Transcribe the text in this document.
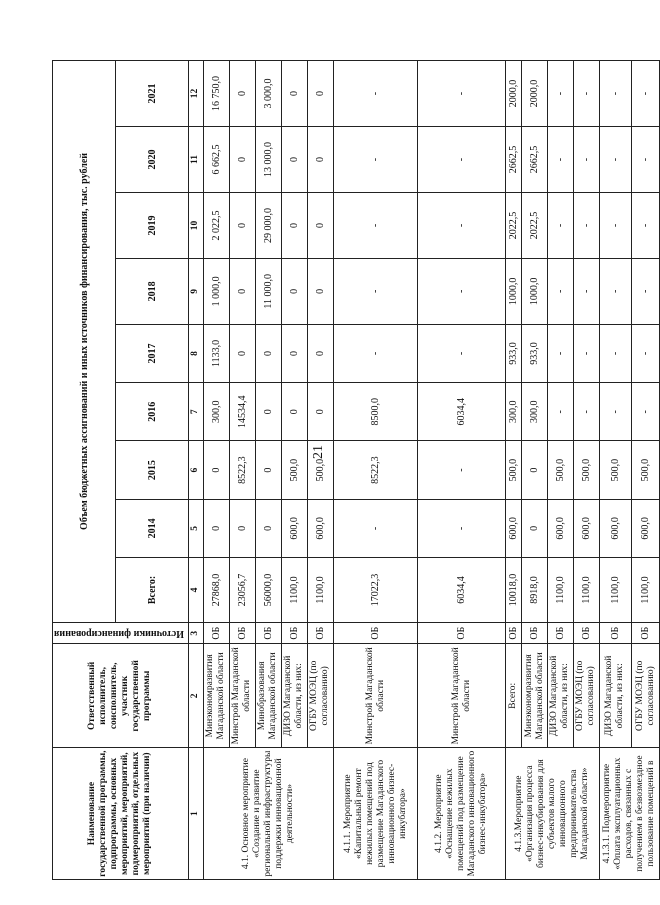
21
Наименование государственной программы, подпрограммы, основных мероприятий, мероприятий, подмероприятий, отдельных мероприятий (при наличии)	Ответственный исполнитель, соисполнитель, участник государственной программы	Источники финансирования	Объем бюджетных ассигнований и иных источников финансирования, тыс. рублей								
			Всего:	2014	2015	2016	2017	2018	2019	2020	2021
1	2	3	4	5	6	7	8	9	10	11	12
4.1. Основное мероприятие «Создание и развитие региональной инфраструктуры поддержки инновационной деятельности»	Минэкономразвития Магаданской области	ОБ	27868,0	0	0	300,0	1133,0	1 000,0	2 022,5	6 662,5	16 750,0
	Минстрой Магаданской области	ОБ	23056,7	0	8522,3	14534,4	0	0	0	0	0
	Минобразования Магаданской области	ОБ	56000,0	0	0	0	0	11 000,0	29 000,0	13 000,0	3 000,0
	ДИЗО Магаданской области, из них:	ОБ	1100,0	600,0	500,0	0	0	0	0	0	0
	ОГБУ МОЭЦ (по согласованию)	ОБ	1100,0	600,0	500,0	0	0	0	0	0	0
4.1.1. Мероприятие «Капитальный ремонт нежилых помещений под размещение Магаданского инновационного бизнес-инкубатора»	Минстрой Магаданской области	ОБ	17022,3	-	8522,3	8500,0	-	-	-	-	-
4.1.2. Мероприятие «Оснащение нежилых помещений под размещение Магаданского инновационного бизнес-инкубатора»	Минстрой Магаданской области	ОБ	6034,4	-	-	6034,4	-	-	-	-	-
4.1.3.Мероприятие «Организация процесса бизнес-инкубирования для субъектов малого инновационного предпринимательства Магаданской области»	Всего:	ОБ	10018,0	600,0	500,0	300,0	933,0	1000,0	2022,5	2662,5	2000,0
	Минэкономразвития Магаданской области	ОБ	8918,0	0	0	300,0	933,0	1000,0	2022,5	2662,5	2000,0
	ДИЗО Магаданской области, из них:	ОБ	1100,0	600,0	500,0	-	-	-	-	-	-
	ОГБУ МОЭЦ (по согласованию)	ОБ	1100,0	600,0	500,0	-	-	-	-	-	-
4.1.3.1. Подмероприятие «Оплата эксплуатационных расходов, связанных с получением в безвозмездное пользование помещений в	ДИЗО Магаданской области, из них:	ОБ	1100,0	600,0	500,0	-	-	-	-	-	-
	ОГБУ МОЭЦ (по согласованию)	ОБ	1100,0	600,0	500,0	-	-	-	-	-	-
